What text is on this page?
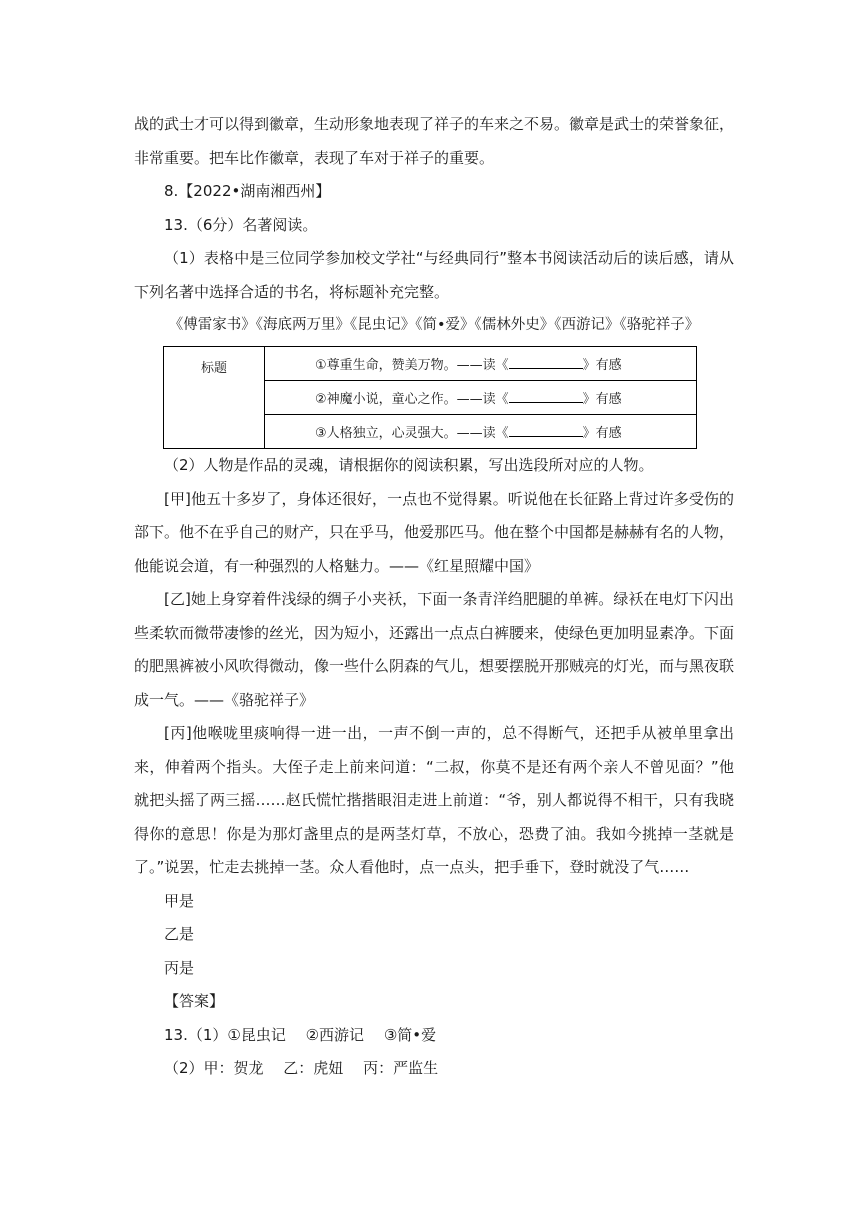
战的武士才可以得到徽章，生动形象地表现了祥子的车来之不易。徽章是武士的荣誉象征，

非常重要。把车比作徽章，表现了车对于祥子的重要。

8.【2022•湖南湘西州】

13.（6分）名著阅读。

（1）表格中是三位同学参加校文学社“与经典同行”整本书阅读活动后的读后感，请从下列名著中选择合适的书名，将标题补充完整。

《傅雷家书》《海底两万里》《昆虫记》《简•爱》《儒林外史》《西游记》《骆驼祥子》

标题	①尊重生命，赞美万物。——读《	》有感
②神魔小说，童心之作。——读《	》有感
③人格独立，心灵强大。——读《	》有感

（2）人物是作品的灵魂，请根据你的阅读积累，写出选段所对应的人物。

[甲]他五十多岁了，身体还很好，一点也不觉得累。听说他在长征路上背过许多受伤的部下。他不在乎自己的财产，只在乎马，他爱那匹马。他在整个中国都是赫赫有名的人物，他能说会道，有一种强烈的人格魅力。——《红星照耀中国》

[乙]她上身穿着件浅绿的绸子小夹袄，下面一条青洋绉肥腿的单裤。绿袄在电灯下闪出些柔软而微带凄惨的丝光，因为短小，还露出一点点白裤腰来，使绿色更加明显素净。下面的肥黑裤被小风吹得微动，像一些什么阴森的气儿，想要摆脱开那贼亮的灯光，而与黑夜联成一气。——《骆驼祥子》

[丙]他喉咙里痰响得一进一出，一声不倒一声的，总不得断气，还把手从被单里拿出来，伸着两个指头。大侄子走上前来问道：“二叔，你莫不是还有两个亲人不曾见面？”他就把头摇了两三摇……赵氏慌忙揩揩眼泪走进上前道：“爷，别人都说得不相干，只有我晓得你的意思！你是为那灯盏里点的是两茎灯草，不放心，恐费了油。我如今挑掉一茎就是了。”说罢，忙走去挑掉一茎。众人看他时，点一点头，把手垂下，登时就没了气……

甲是

乙是

丙是

【答案】

13.（1）①昆虫记　 ②西游记　 ③简•爱

（2）甲：贺龙　 乙：虎妞　 丙：严监生
